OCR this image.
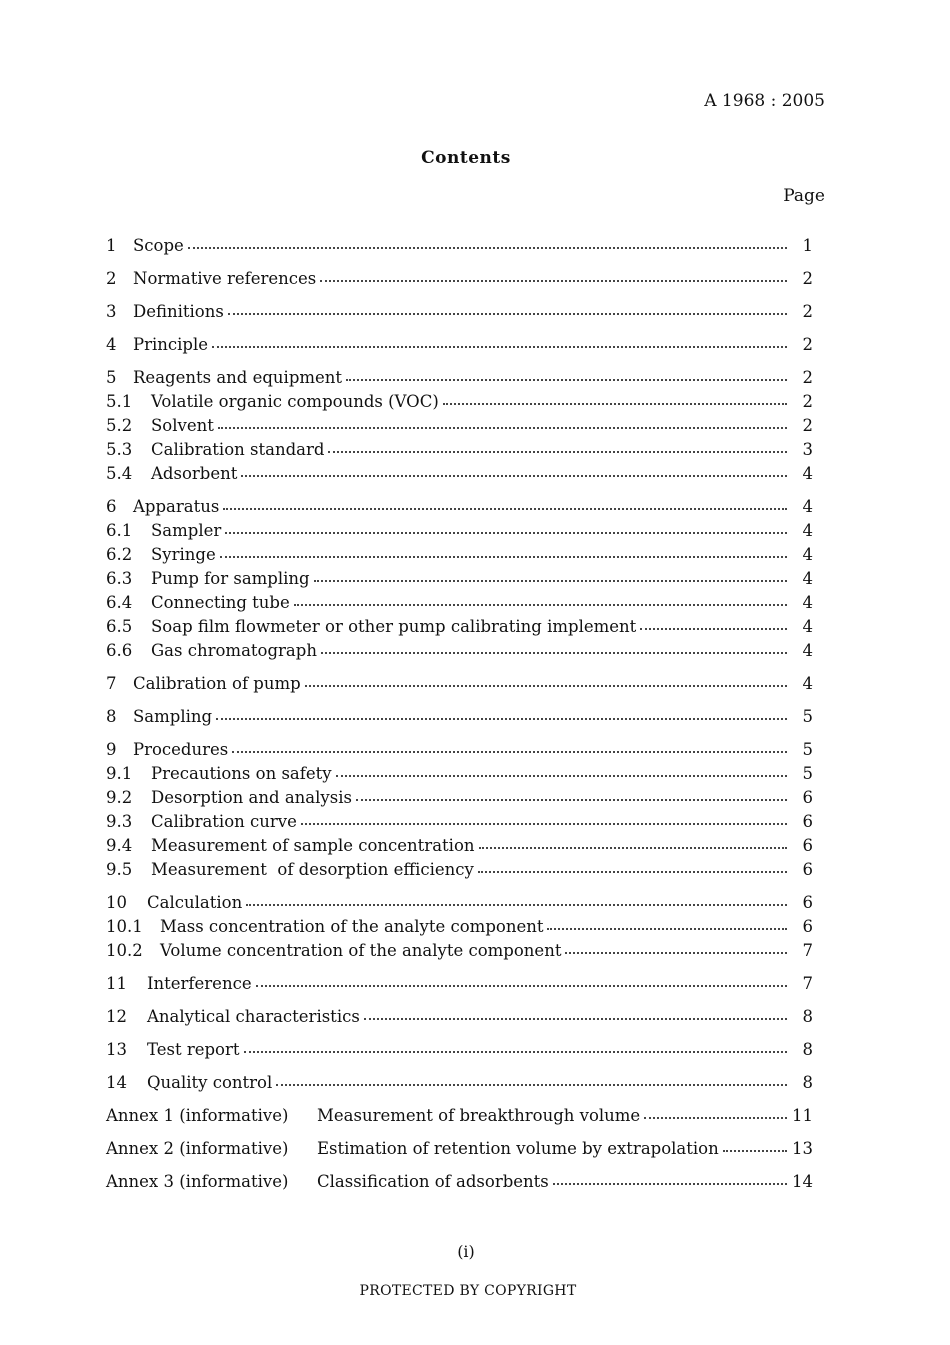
A 1968 : 2005
Contents
Page
1	Scope	1
2	Normative references	2
3	Definitions	2
4	Principle	2
5	Reagents and equipment	2
5.1	Volatile organic compounds (VOC)	2
5.2	Solvent	2
5.3	Calibration standard	3
5.4	Adsorbent	4
6	Apparatus	4
6.1	Sampler	4
6.2	Syringe	4
6.3	Pump for sampling	4
6.4	Connecting tube	4
6.5	Soap film flowmeter or other pump calibrating implement	4
6.6	Gas chromatograph	4
7	Calibration of pump	4
8	Sampling	5
9	Procedures	5
9.1	Precautions on safety	5
9.2	Desorption and analysis	6
9.3	Calibration curve	6
9.4	Measurement of sample concentration	6
9.5	Measurement  of desorption efficiency	6
10	Calculation	6
10.1	Mass concentration of the analyte component	6
10.2	Volume concentration of the analyte component	7
11	Interference	7
12	Analytical characteristics	8
13	Test report	8
14	Quality control	8
Annex 1 (informative)	Measurement of breakthrough volume	11
Annex 2 (informative)	Estimation of retention volume by extrapolation	13
Annex 3 (informative)	Classification of adsorbents	14
(i)
PROTECTED BY COPYRIGHT
